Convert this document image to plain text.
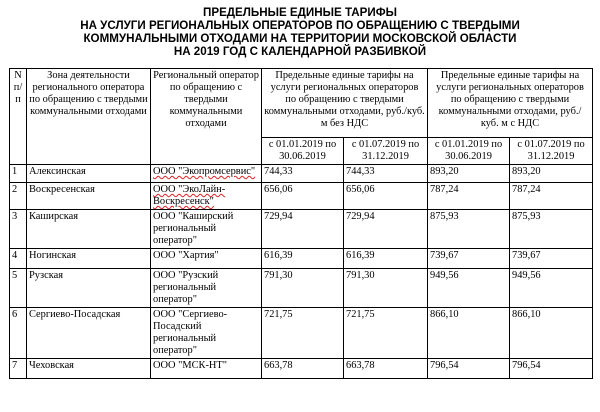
ПРЕДЕЛЬНЫЕ ЕДИНЫЕ ТАРИФЫ
НА УСЛУГИ РЕГИОНАЛЬНЫХ ОПЕРАТОРОВ ПО ОБРАЩЕНИЮ С ТВЕРДЫМИ
КОММУНАЛЬНЫМИ ОТХОДАМИ НА ТЕРРИТОРИИ МОСКОВСКОЙ ОБЛАСТИ
НА 2019 ГОД С КАЛЕНДАРНОЙ РАЗБИВКОЙ
N п/п	Зона деятельности регионального оператора по обращению с твердыми коммунальными отходами	Региональный оператор по обращению с твердыми коммунальными отходами	Предельные единые тарифы на услуги региональных операторов по обращению с твердыми коммунальными отходами, руб./куб. м без НДС		Предельные единые тарифы на услуги региональных операторов по обращению с твердыми коммунальными отходами, руб./куб. м с НДС	
			с 01.01.2019 по 30.06.2019	с 01.07.2019 по 31.12.2019	с 01.01.2019 по 30.06.2019	с 01.07.2019 по 31.12.2019
1	Алексинская	ООО "Экопромсервис"	744,33	744,33	893,20	893,20
2	Воскресенская	ООО "ЭкоЛайн-Воскресенск"	656,06	656,06	787,24	787,24
3	Каширская	ООО "Каширский региональный оператор"	729,94	729,94	875,93	875,93
4	Ногинская	ООО "Хартия"	616,39	616,39	739,67	739,67
5	Рузская	ООО "Рузский региональный оператор"	791,30	791,30	949,56	949,56
6	Сергиево-Посадская	ООО "Сергиево-Посадский региональный оператор"	721,75	721,75	866,10	866,10
7	Чеховская	ООО "МСК-НТ"	663,78	663,78	796,54	796,54
